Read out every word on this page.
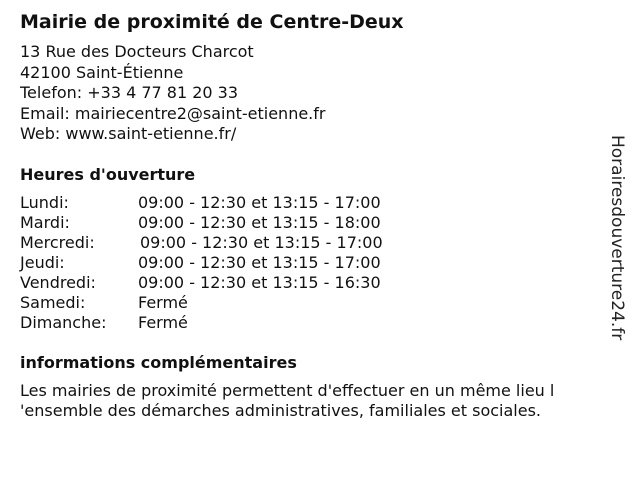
Mairie de proximité de Centre-Deux
13 Rue des Docteurs Charcot
42100 Saint-Étienne
Telefon: +33 4 77 81 20 33
Email: mairiecentre2@saint-etienne.fr
Web: www.saint-etienne.fr/
Heures d'ouverture
Lundi:	09:00 - 12:30 et 13:15 - 17:00
Mardi:	09:00 - 12:30 et 13:15 - 18:00
Mercredi:	09:00 - 12:30 et 13:15 - 17:00
Jeudi:	09:00 - 12:30 et 13:15 - 17:00
Vendredi:	09:00 - 12:30 et 13:15 - 16:30
Samedi:	Fermé
Dimanche:	Fermé
informations complémentaires
Les mairies de proximité permettent d'effectuer en un même lieu l 'ensemble des démarches administratives, familiales et sociales.
Horairesdouverture24.fr
